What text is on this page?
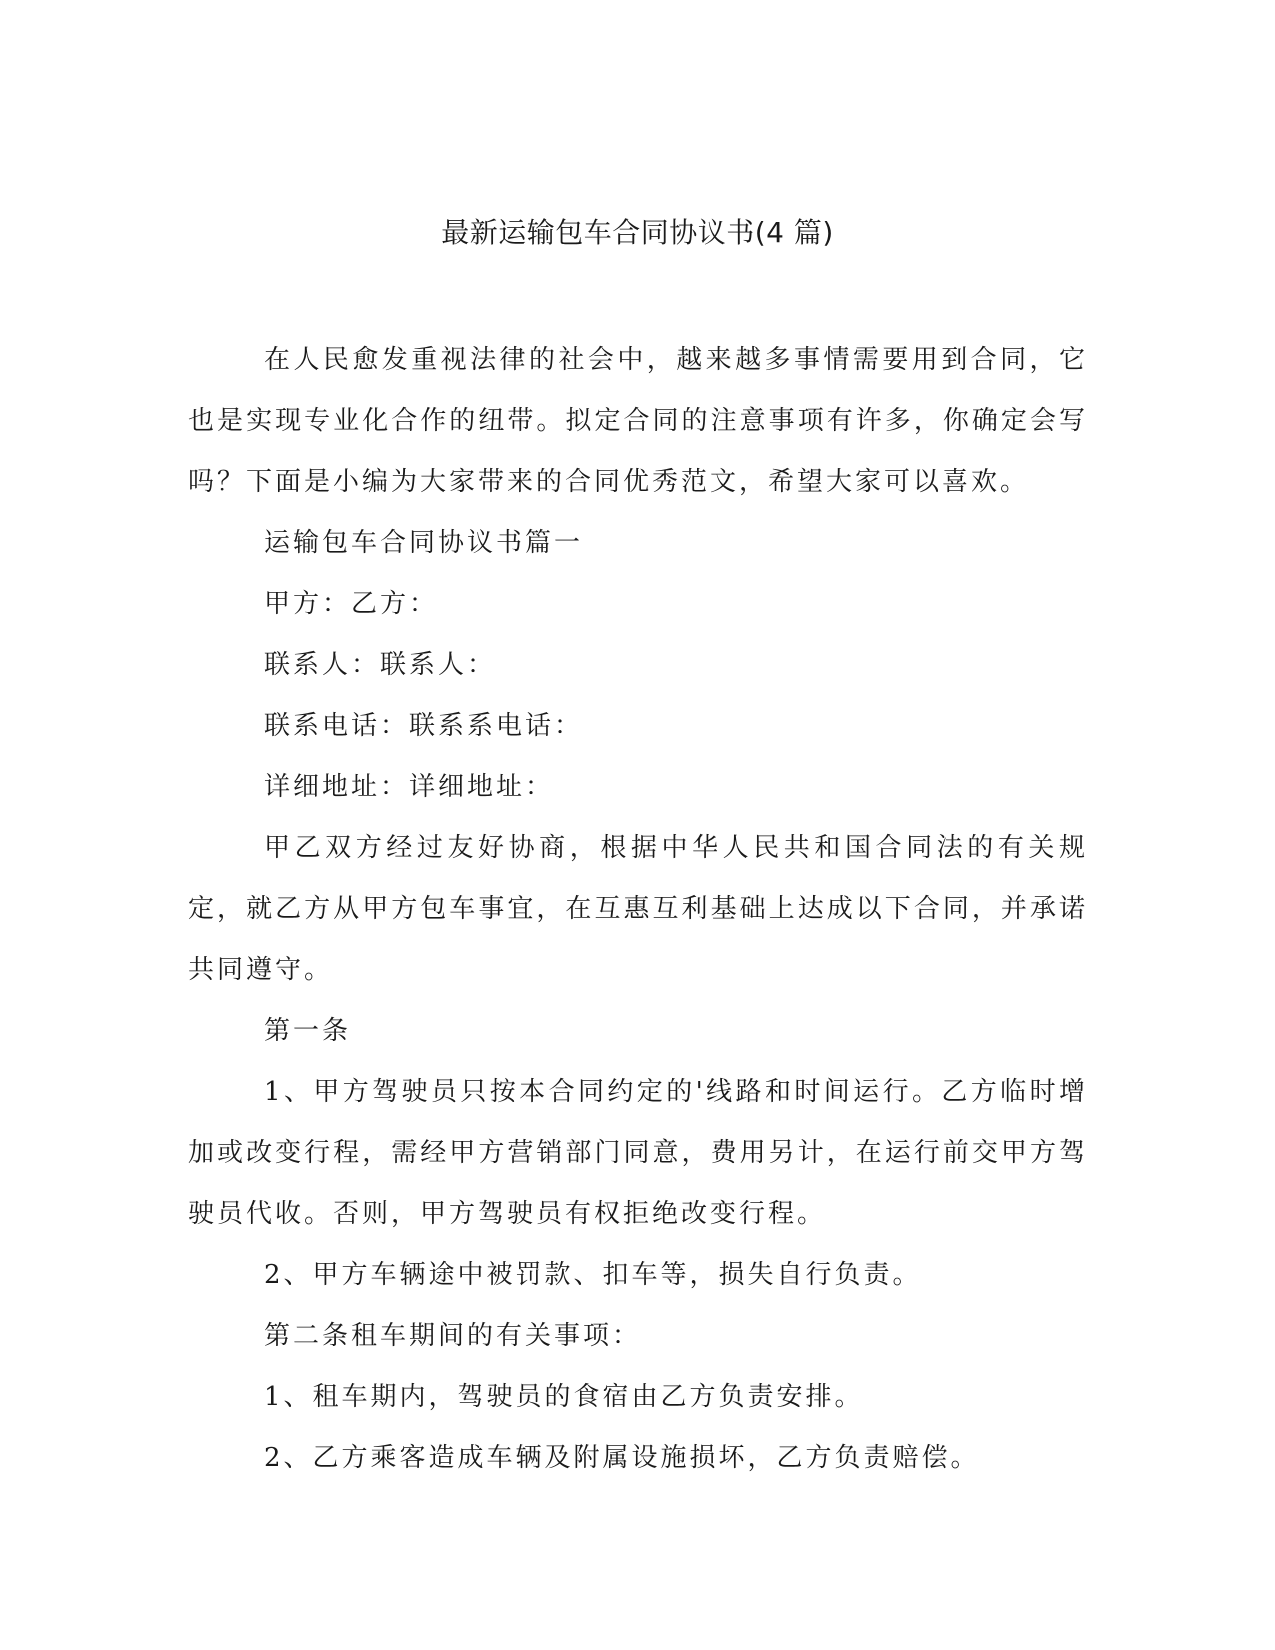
最新运输包车合同协议书(4 篇)

在人民愈发重视法律的社会中，越来越多事情需要用到合同，它也是实现专业化合作的纽带。拟定合同的注意事项有许多，你确定会写吗？下面是小编为大家带来的合同优秀范文，希望大家可以喜欢。

运输包车合同协议书篇一

甲方：乙方：

联系人：联系人：

联系电话：联系系电话：

详细地址：详细地址：

甲乙双方经过友好协商，根据中华人民共和国合同法的有关规定，就乙方从甲方包车事宜，在互惠互利基础上达成以下合同，并承诺共同遵守。

第一条

1、甲方驾驶员只按本合同约定的'线路和时间运行。乙方临时增加或改变行程，需经甲方营销部门同意，费用另计，在运行前交甲方驾驶员代收。否则，甲方驾驶员有权拒绝改变行程。

2、甲方车辆途中被罚款、扣车等，损失自行负责。

第二条租车期间的有关事项：

1、租车期内，驾驶员的食宿由乙方负责安排。

2、乙方乘客造成车辆及附属设施损坏，乙方负责赔偿。
